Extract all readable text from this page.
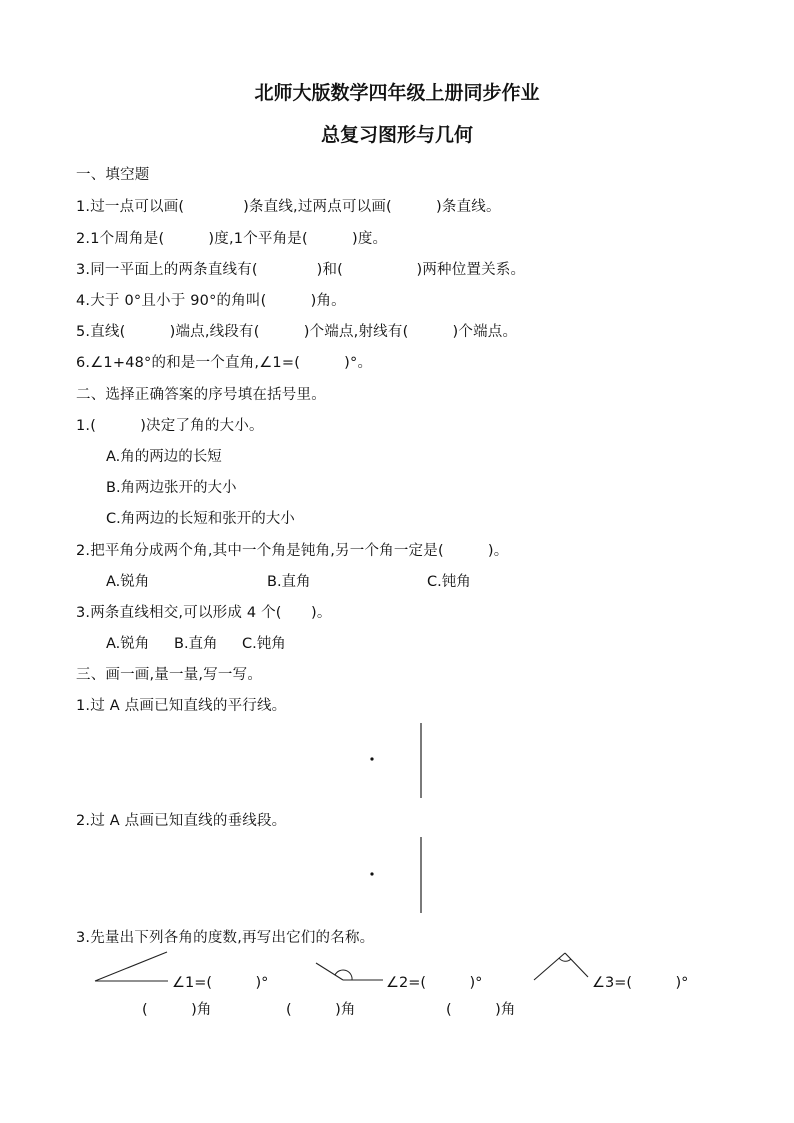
北师大版数学四年级上册同步作业
总复习图形与几何
一、填空题
1.过一点可以画(　　　　)条直线,过两点可以画(　　　)条直线。
2.1个周角是(　　　)度,1个平角是(　　　)度。
3.同一平面上的两条直线有(　　　　)和(　　　　　)两种位置关系。
4.大于 0°且小于 90°的角叫(　　　)角。
5.直线(　　　)端点,线段有(　　　)个端点,射线有(　　　)个端点。
6.∠1+48°的和是一个直角,∠1=(　　　)°。
二、选择正确答案的序号填在括号里。
1.(　　　)决定了角的大小。
A.角的两边的长短
B.角两边张开的大小
C.角两边的长短和张开的大小
2.把平角分成两个角,其中一个角是钝角,另一个角一定是(　　　)。
A.锐角	B.直角	C.钝角
3.两条直线相交,可以形成 4 个(　　)。
A.锐角 B.直角 C.钝角
三、画一画,量一量,写一写。
1.过 A 点画已知直线的平行线。
2.过 A 点画已知直线的垂线段。
3.先量出下列各角的度数,再写出它们的名称。
∠1=(　　　)°	∠2=(　　　)°	∠3=(　　　)°
(　　　)角	(　　　)角	(　　　)角
